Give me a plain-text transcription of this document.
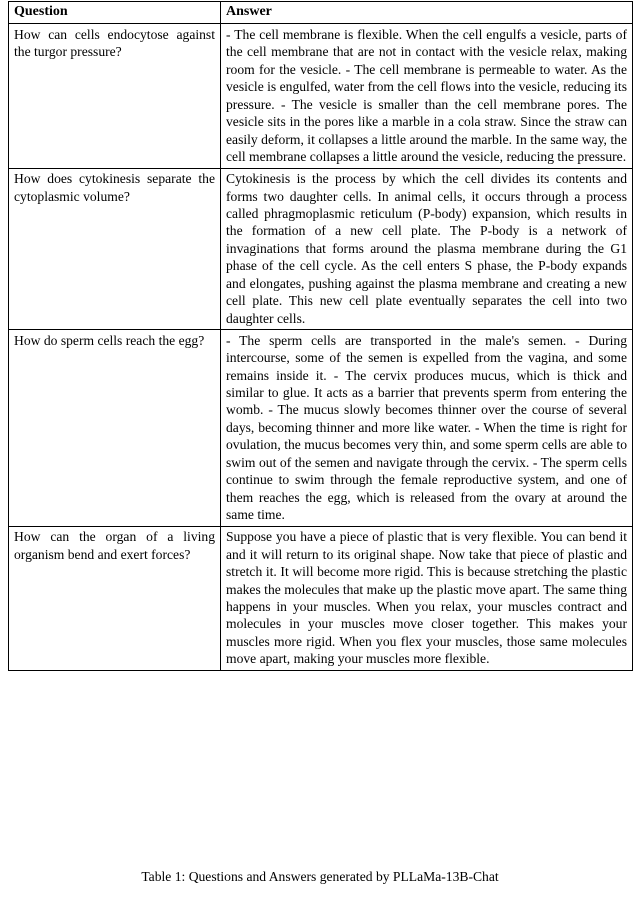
Question	Answer
How can cells endocytose against the turgor pressure?	- The cell membrane is flexible. When the cell engulfs a vesicle, parts of the cell membrane that are not in contact with the vesicle relax, making room for the vesicle. - The cell membrane is permeable to water. As the vesicle is engulfed, water from the cell flows into the vesicle, reducing its pressure. - The vesicle is smaller than the cell membrane pores. The vesicle sits in the pores like a marble in a cola straw. Since the straw can easily deform, it collapses a little around the marble. In the same way, the cell membrane collapses a little around the vesicle, reducing the pressure.
How does cytokinesis separate the cytoplasmic volume?	Cytokinesis is the process by which the cell divides its contents and forms two daughter cells. In animal cells, it occurs through a process called phragmoplasmic reticulum (P-body) expansion, which results in the formation of a new cell plate. The P-body is a network of invaginations that forms around the plasma membrane during the G1 phase of the cell cycle. As the cell enters S phase, the P-body expands and elongates, pushing against the plasma membrane and creating a new cell plate. This new cell plate eventually separates the cell into two daughter cells.
How do sperm cells reach the egg?	- The sperm cells are transported in the male's semen. - During intercourse, some of the semen is expelled from the vagina, and some remains inside it. - The cervix produces mucus, which is thick and similar to glue. It acts as a barrier that prevents sperm from entering the womb. - The mucus slowly becomes thinner over the course of several days, becoming thinner and more like water. - When the time is right for ovulation, the mucus becomes very thin, and some sperm cells are able to swim out of the semen and navigate through the cervix. - The sperm cells continue to swim through the female reproductive system, and one of them reaches the egg, which is released from the ovary at around the same time.
How can the organ of a living organism bend and exert forces?	Suppose you have a piece of plastic that is very flexible. You can bend it and it will return to its original shape. Now take that piece of plastic and stretch it. It will become more rigid. This is because stretching the plastic makes the molecules that make up the plastic move apart. The same thing happens in your muscles. When you relax, your muscles contract and molecules in your muscles move closer together. This makes your muscles more rigid. When you flex your muscles, those same molecules move apart, making your muscles more flexible.
Table 1: Questions and Answers generated by PLLaMa-13B-Chat
